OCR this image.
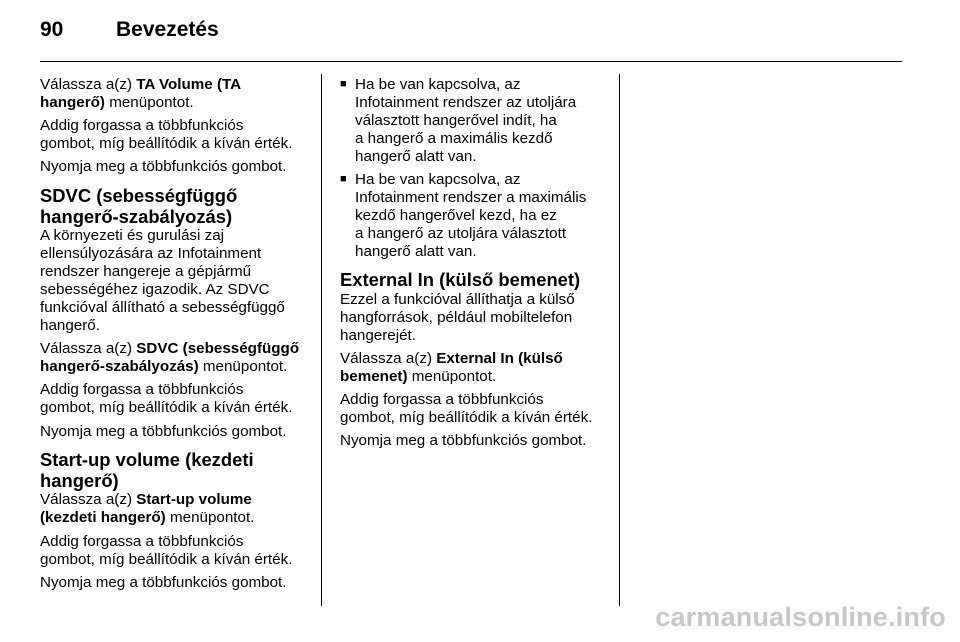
90	Bevezetés

Válassza a(z) TA Volume (TA
hangerő) menüpontot.

Addig forgassa a többfunkciós
gombot, míg beállítódik a kíván érték.

Nyomja meg a többfunkciós gombot.

SDVC (sebességfüggő
hangerő-szabályozás)

A környezeti és gurulási zaj
ellensúlyozására az Infotainment
rendszer hangereje a gépjármű
sebességéhez igazodik. Az SDVC
funkcióval állítható a sebességfüggő
hangerő.

Válassza a(z) SDVC (sebességfüggő
hangerő-szabályozás) menüpontot.

Addig forgassa a többfunkciós
gombot, míg beállítódik a kíván érték.

Nyomja meg a többfunkciós gombot.

Start-up volume (kezdeti
hangerő)

Válassza a(z) Start-up volume
(kezdeti hangerő) menüpontot.

Addig forgassa a többfunkciós
gombot, míg beállítódik a kíván érték.

Nyomja meg a többfunkciós gombot.

■ Ha be van kapcsolva, az
Infotainment rendszer az utoljára
választott hangerővel indít, ha
a hangerő a maximális kezdő
hangerő alatt van.

■ Ha be van kapcsolva, az
Infotainment rendszer a maximális
kezdő hangerővel kezd, ha ez
a hangerő az utoljára választott
hangerő alatt van.

External In (külső bemenet)

Ezzel a funkcióval állíthatja a külső
hangforrások, például mobiltelefon
hangerejét.

Válassza a(z) External In (külső
bemenet) menüpontot.

Addig forgassa a többfunkciós
gombot, míg beállítódik a kíván érték.

Nyomja meg a többfunkciós gombot.

carmanualsonline.info
